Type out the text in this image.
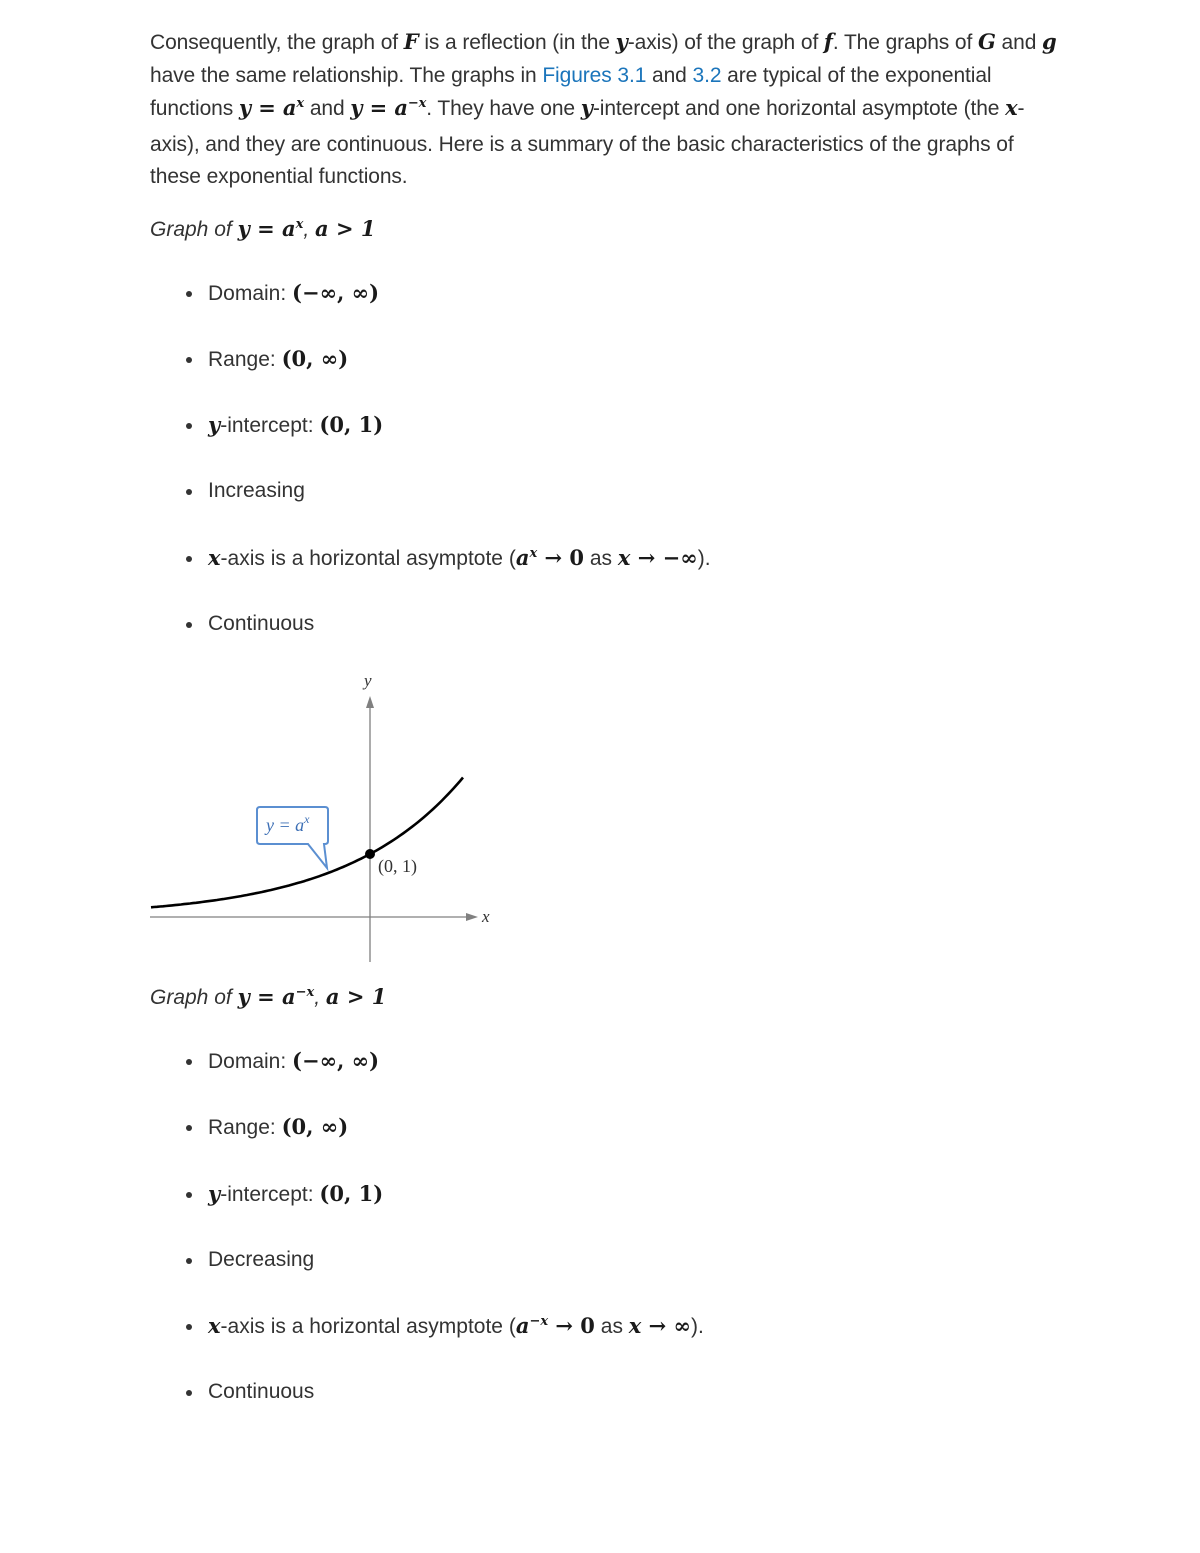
Consequently, the graph of F is a reflection (in the y-axis) of the graph of f. The graphs of G and g have the same relationship. The graphs in Figures 3.1 and 3.2 are typical of the exponential functions $y = a^x$ and $y = a^{-x}$. They have one y-intercept and one horizontal asymptote (the x-axis), and they are continuous. Here is a summary of the basic characteristics of the graphs of these exponential functions.

Graph of $y = a^x$, a > 1

Domain: (−∞, ∞)
Range: (0, ∞)
y-intercept: (0, 1)
Increasing
x-axis is a horizontal asymptote ($a^x \to 0$ as x → −∞).
Continuous
y
x
(0, 1)
$y = a^x$

Graph of $y = a^{-x}$, a > 1

Domain: (−∞, ∞)
Range: (0, ∞)
y-intercept: (0, 1)
Decreasing
x-axis is a horizontal asymptote ($a^{-x} \to 0$ as x → ∞).
Continuous
